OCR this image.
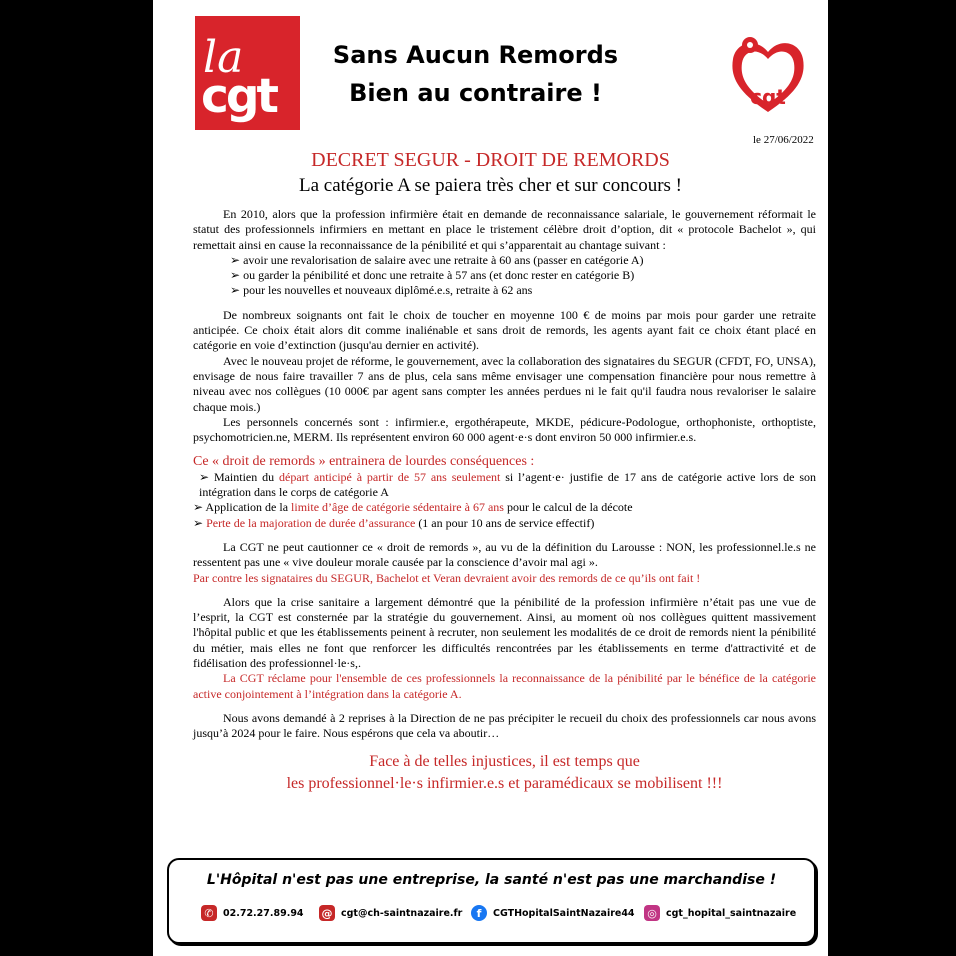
la
cgt
Sans Aucun Remords
Bien au contraire !	cgt
le 27/06/2022
DECRET SEGUR - DROIT DE REMORDS
La catégorie A se paiera très cher et sur concours !

En 2010, alors que la profession infirmière était en demande de reconnaissance salariale, le gouvernement réformait le statut des professionnels infirmiers en mettant en place le tristement célèbre droit d’option, dit « protocole Bachelot », qui remettait ainsi en cause la reconnaissance de la pénibilité et qui s’apparentait au chantage suivant :

➢ avoir une revalorisation de salaire avec une retraite à 60 ans (passer en catégorie A)

➢ ou garder la pénibilité et donc une retraite à 57 ans (et donc rester en catégorie B)

➢ pour les nouvelles et nouveaux diplômé.e.s, retraite à 62 ans

De nombreux soignants ont fait le choix de toucher en moyenne 100 € de moins par mois pour garder une retraite anticipée. Ce choix était alors dit comme inaliénable et sans droit de remords, les agents ayant fait ce choix étant placé en catégorie en voie d’extinction (jusqu'au dernier en activité).

Avec le nouveau projet de réforme, le gouvernement, avec la collaboration des signataires du SEGUR (CFDT, FO, UNSA), envisage de nous faire travailler 7 ans de plus, cela sans même envisager une compensation financière pour nous remettre à niveau avec nos collègues (10 000€ par agent sans compter les années perdues ni le fait qu'il faudra nous revaloriser le salaire chaque mois.)

Les personnels concernés sont : infirmier.e, ergothérapeute, MKDE, pédicure-Podologue, orthophoniste, orthoptiste, psychomotricien.ne, MERM. Ils représentent environ 60 000 agent·e·s dont environ 50 000 infirmier.e.s.

Ce « droit de remords » entrainera de lourdes conséquences :

➢ Maintien du départ anticipé à partir de 57 ans seulement si l’agent·e· justifie de 17 ans de catégorie active lors de son intégration dans le corps de catégorie A

➢ Application de la limite d’âge de catégorie sédentaire à 67 ans pour le calcul de la décote

➢ Perte de la majoration de durée d’assurance (1 an pour 10 ans de service effectif)

La CGT ne peut cautionner ce « droit de remords », au vu de la définition du Larousse : NON, les professionnel.le.s ne ressentent pas une « vive douleur morale causée par la conscience d’avoir mal agi ».

Par contre les signataires du SEGUR, Bachelot et Veran devraient avoir des remords de ce qu’ils ont fait !

Alors que la crise sanitaire a largement démontré que la pénibilité de la profession infirmière n’était pas une vue de l’esprit, la CGT est consternée par la stratégie du gouvernement. Ainsi, au moment où nos collègues quittent massivement l'hôpital public et que les établissements peinent à recruter, non seulement les modalités de ce droit de remords nient la pénibilité du métier, mais elles ne font que renforcer les difficultés rencontrées par les établissements en terme d'attractivité et de fidélisation des professionnel·le·s,.

La CGT réclame pour l'ensemble de ces professionnels la reconnaissance de la pénibilité par le bénéfice de la catégorie active conjointement à l’intégration dans la catégorie A.

Nous avons demandé à 2 reprises à la Direction de ne pas précipiter le recueil du choix des professionnels car nous avons jusqu’à 2024 pour le faire. Nous espérons que cela va aboutir…

Face à de telles injustices, il est temps que
les professionnel·le·s infirmier.e.s et paramédicaux se mobilisent !!!
L'Hôpital n'est pas une entreprise, la santé n'est pas une marchandise !
✆ 02.72.27.89.94 @ cgt@ch-saintnazaire.fr	f	CGTHopitalSaintNazaire44 ◎ cgt_hopital_saintnazaire
